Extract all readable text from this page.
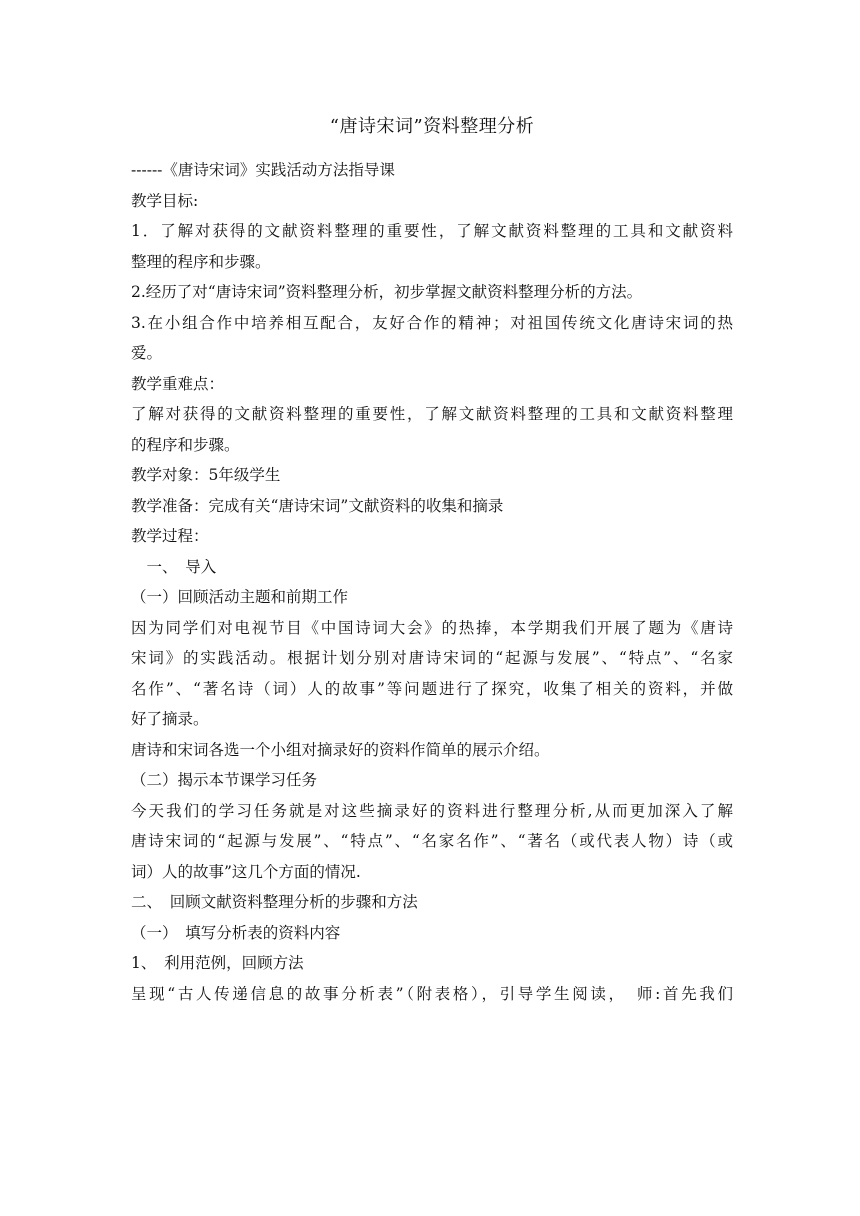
“唐诗宋词”资料整理分析

------《唐诗宋词》实践活动方法指导课

教学目标:

1．了解对获得的文献资料整理的重要性，了解文献资料整理的工具和文献资料

整理的程序和步骤。

2.经历了对“唐诗宋词”资料整理分析，初步掌握文献资料整理分析的方法。

3.在小组合作中培养相互配合，友好合作的精神；对祖国传统文化唐诗宋词的热

爱。

教学重难点：

了解对获得的文献资料整理的重要性，了解文献资料整理的工具和文献资料整理

的程序和步骤。

教学对象：5年级学生

教学准备：完成有关“唐诗宋词”文献资料的收集和摘录

教学过程：

　一、　导入

（一）回顾活动主题和前期工作

因为同学们对电视节目《中国诗词大会》的热捧，本学期我们开展了题为《唐诗

宋词》的实践活动。根据计划分别对唐诗宋词的“起源与发展”、“特点”、“名家

名作”、“著名诗（词）人的故事”等问题进行了探究，收集了相关的资料，并做

好了摘录。

唐诗和宋词各选一个小组对摘录好的资料作简单的展示介绍。

（二）揭示本节课学习任务

今天我们的学习任务就是对这些摘录好的资料进行整理分析,从而更加深入了解

唐诗宋词的“起源与发展”、“特点”、“名家名作”、“著名（或代表人物）诗（或

词）人的故事”这几个方面的情况.

二、　回顾文献资料整理分析的步骤和方法

（一）　填写分析表的资料内容

1、　利用范例，回顾方法

呈现“古人传递信息的故事分析表”（附表格），引导学生阅读，　师:首先我们
